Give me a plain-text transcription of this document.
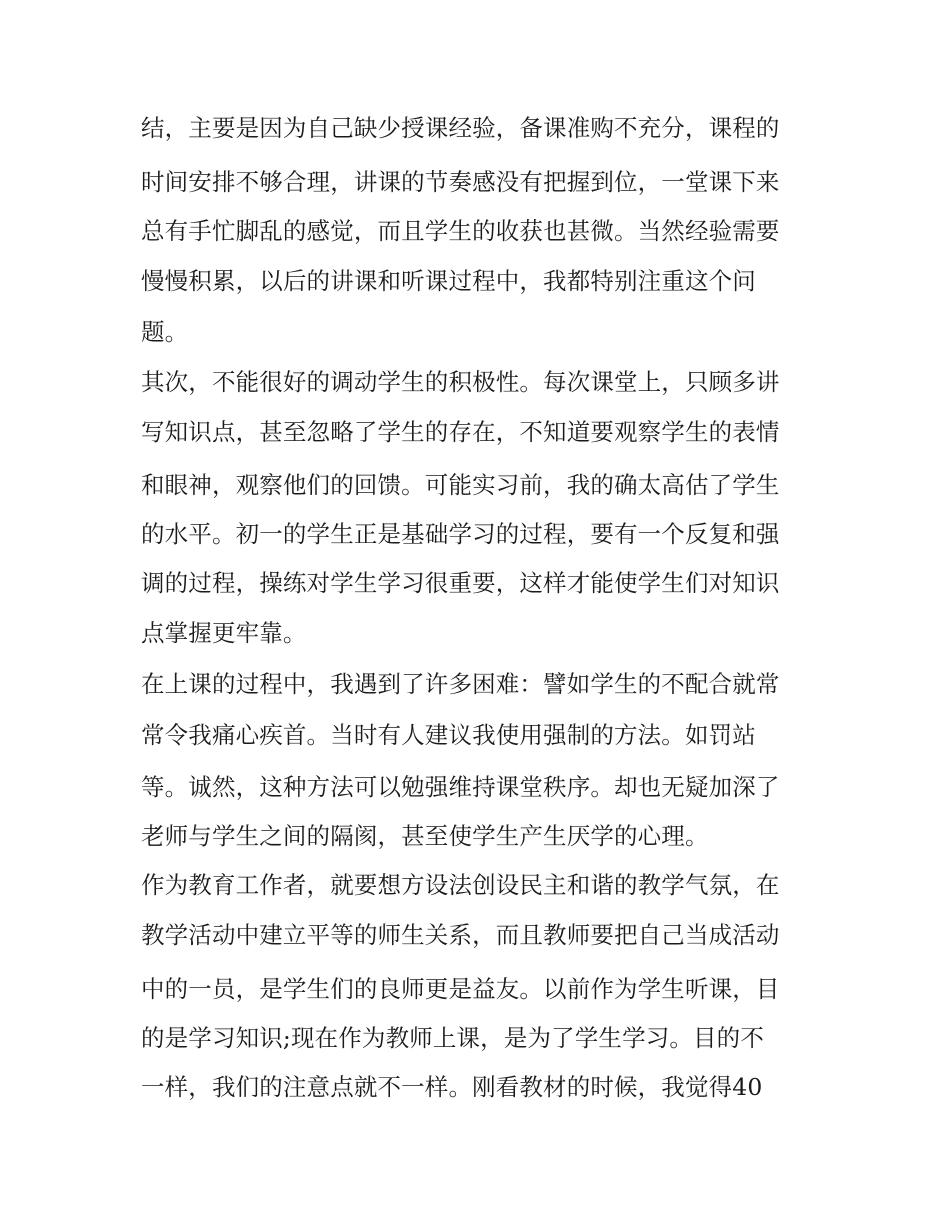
结，主要是因为自己缺少授课经验，备课准购不充分，课程的
时间安排不够合理，讲课的节奏感没有把握到位，一堂课下来
总有手忙脚乱的感觉，而且学生的收获也甚微。当然经验需要
慢慢积累，以后的讲课和听课过程中，我都特别注重这个问
题。
其次，不能很好的调动学生的积极性。每次课堂上，只顾多讲
写知识点，甚至忽略了学生的存在，不知道要观察学生的表情
和眼神，观察他们的回馈。可能实习前，我的确太高估了学生
的水平。初一的学生正是基础学习的过程，要有一个反复和强
调的过程，操练对学生学习很重要，这样才能使学生们对知识
点掌握更牢靠。
在上课的过程中，我遇到了许多困难：譬如学生的不配合就常
常令我痛心疾首。当时有人建议我使用强制的方法。如罚站
等。诚然，这种方法可以勉强维持课堂秩序。却也无疑加深了
老师与学生之间的隔阂，甚至使学生产生厌学的心理。
作为教育工作者，就要想方设法创设民主和谐的教学气氛，在
教学活动中建立平等的师生关系，而且教师要把自己当成活动
中的一员，是学生们的良师更是益友。以前作为学生听课，目
的是学习知识;现在作为教师上课，是为了学生学习。目的不
一样，我们的注意点就不一样。刚看教材的时候，我觉得40
